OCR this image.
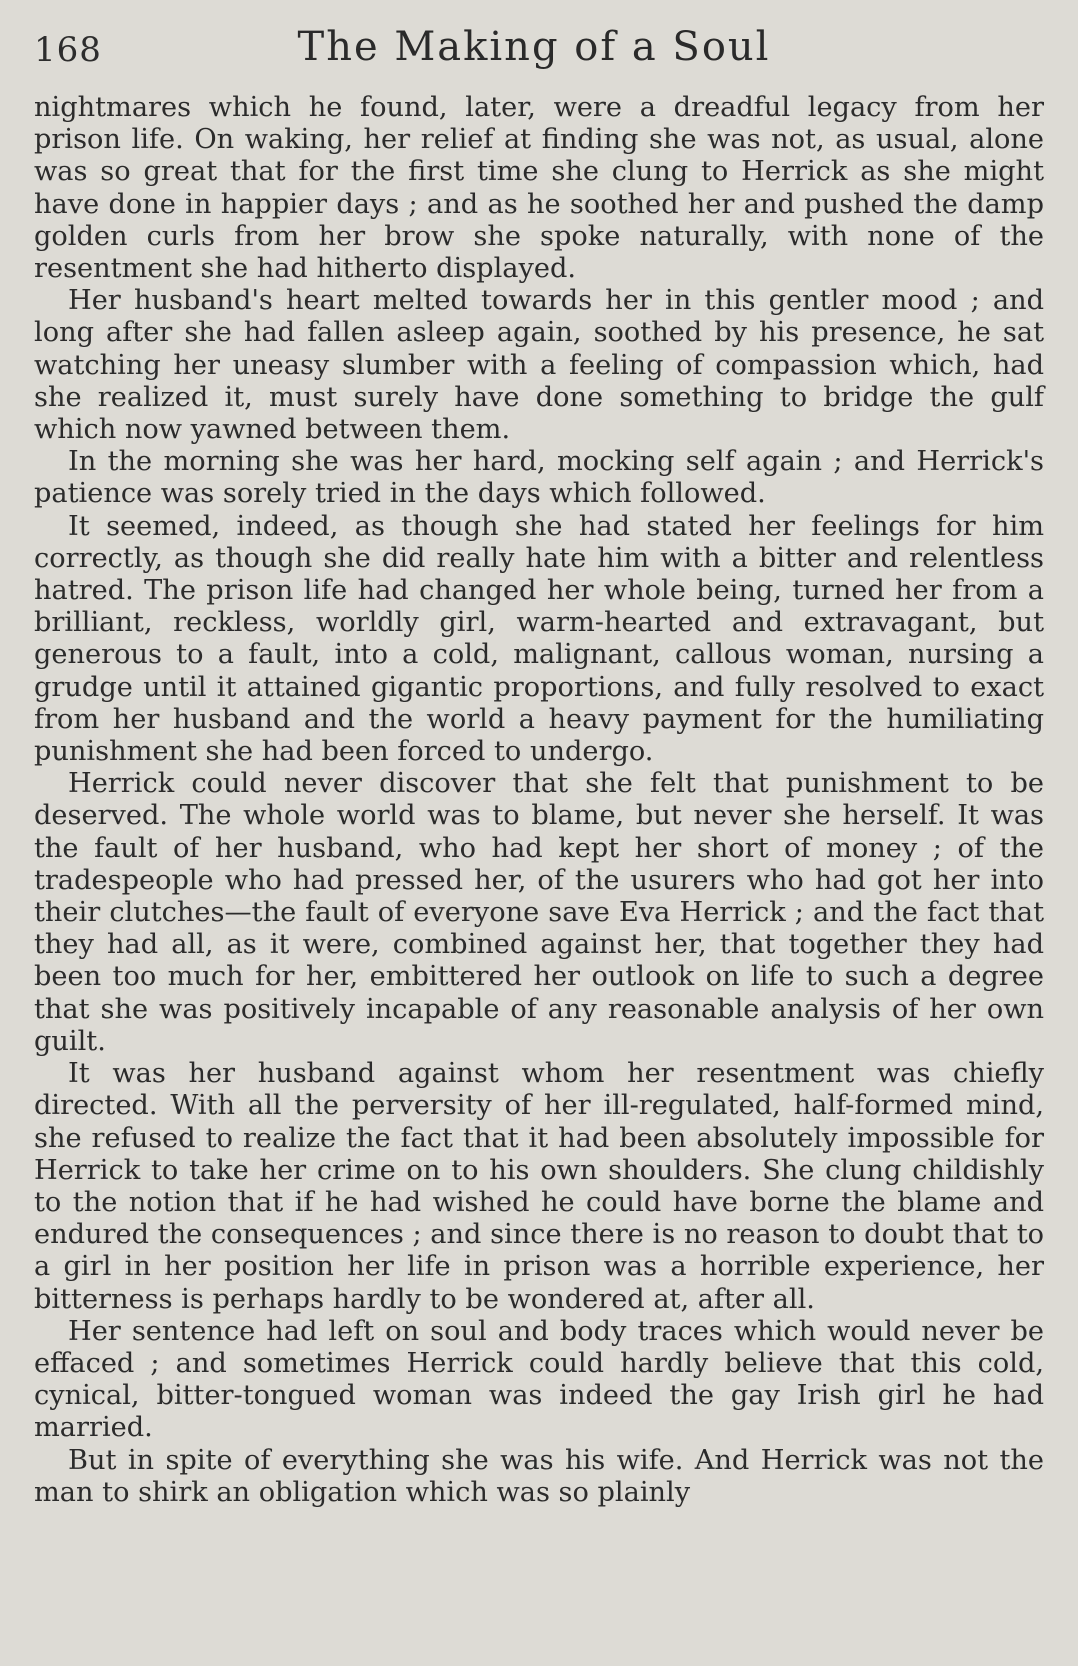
168	The Making of a Soul

nightmares which he found, later, were a dreadful legacy from her prison life. On waking, her relief at finding she was not, as usual, alone was so great that for the first time she clung to Herrick as she might have done in happier days ; and as he soothed her and pushed the damp golden curls from her brow she spoke naturally, with none of the resentment she had hitherto displayed.

Her husband's heart melted towards her in this gentler mood ; and long after she had fallen asleep again, soothed by his presence, he sat watching her uneasy slumber with a feeling of compassion which, had she realized it, must surely have done something to bridge the gulf which now yawned between them.

In the morning she was her hard, mocking self again ; and Herrick's patience was sorely tried in the days which followed.

It seemed, indeed, as though she had stated her feelings for him correctly, as though she did really hate him with a bitter and relentless hatred. The prison life had changed her whole being, turned her from a brilliant, reckless, worldly girl, warm-hearted and extravagant, but generous to a fault, into a cold, malignant, callous woman, nursing a grudge until it attained gigantic proportions, and fully resolved to exact from her husband and the world a heavy payment for the humiliating punishment she had been forced to undergo.

Herrick could never discover that she felt that punishment to be deserved. The whole world was to blame, but never she herself. It was the fault of her husband, who had kept her short of money ; of the tradespeople who had pressed her, of the usurers who had got her into their clutches—the fault of everyone save Eva Herrick ; and the fact that they had all, as it were, combined against her, that together they had been too much for her, embittered her outlook on life to such a degree that she was positively incapable of any reasonable analysis of her own guilt.

It was her husband against whom her resentment was chiefly directed. With all the perversity of her ill-regulated, half-formed mind, she refused to realize the fact that it had been absolutely impossible for Herrick to take her crime on to his own shoulders. She clung childishly to the notion that if he had wished he could have borne the blame and endured the consequences ; and since there is no reason to doubt that to a girl in her position her life in prison was a horrible experience, her bitterness is perhaps hardly to be wondered at, after all.

Her sentence had left on soul and body traces which would never be effaced ; and sometimes Herrick could hardly believe that this cold, cynical, bitter-tongued woman was indeed the gay Irish girl he had married.

But in spite of everything she was his wife. And Herrick was not the man to shirk an obligation which was so plainly
